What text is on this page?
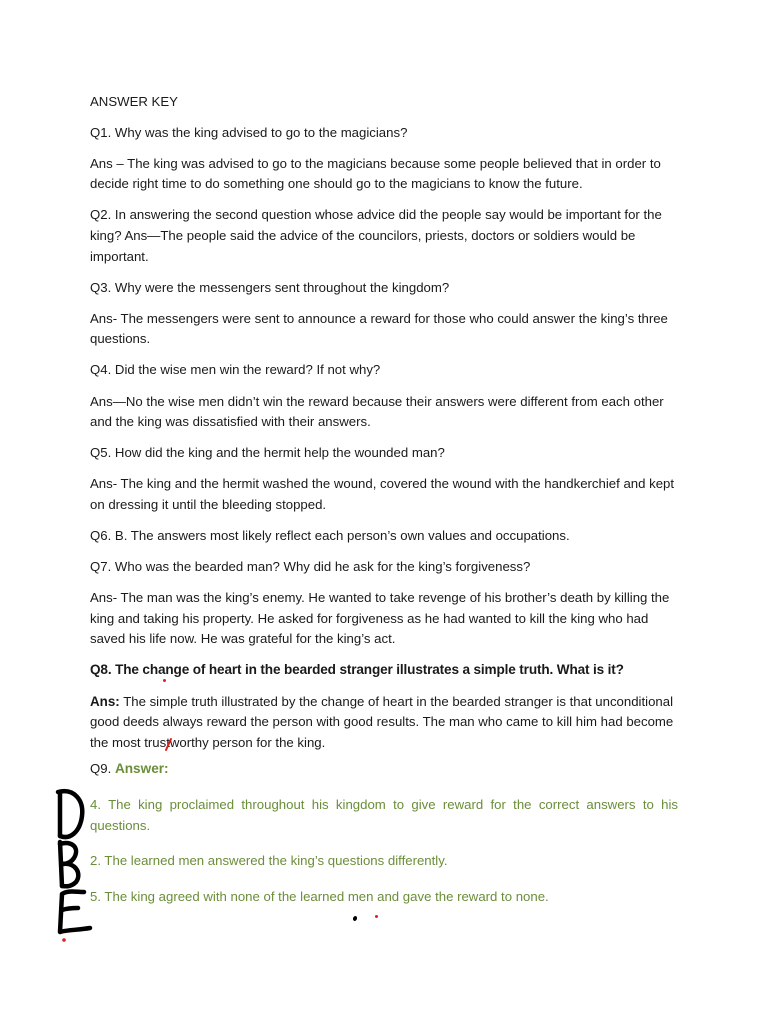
ANSWER KEY

Q1. Why was the king advised to go to the magicians?

Ans – The king was advised to go to the magicians because some people believed that in order to decide right time to do something one should go to the magicians to know the future.

Q2. In answering the second question whose advice did the people say would be important for the king? Ans—The people said the advice of the councilors, priests, doctors or soldiers would be important.

Q3. Why were the messengers sent throughout the kingdom?

Ans- The messengers were sent to announce a reward for those who could answer the king’s three questions.

Q4. Did the wise men win the reward? If not why?

Ans—No the wise men didn’t win the reward because their answers were different from each other and the king was dissatisfied with their answers.

Q5. How did the king and the hermit help the wounded man?

Ans- The king and the hermit washed the wound, covered the wound with the handkerchief and kept on dressing it until the bleeding stopped.

Q6. B. The answers most likely reflect each person’s own values and occupations.

Q7. Who was the bearded man? Why did he ask for the king’s forgiveness?

Ans- The man was the king’s enemy. He wanted to take revenge of his brother’s death by killing the king and taking his property. He asked for forgiveness as he had wanted to kill the king who had saved his life now. He was grateful for the king’s act.

Q8. The change of heart in the bearded stranger illustrates a simple truth. What is it?

Ans: The simple truth illustrated by the change of heart in the bearded stranger is that unconditional good deeds always reward the person with good results. The man who came to kill him had become the most trustworthy person for the king.

Q9. Answer:

4. The king proclaimed throughout his kingdom to give reward for the correct answers to his questions.

2. The learned men answered the king’s questions differently.

5. The king agreed with none of the learned men and gave the reward to none.
